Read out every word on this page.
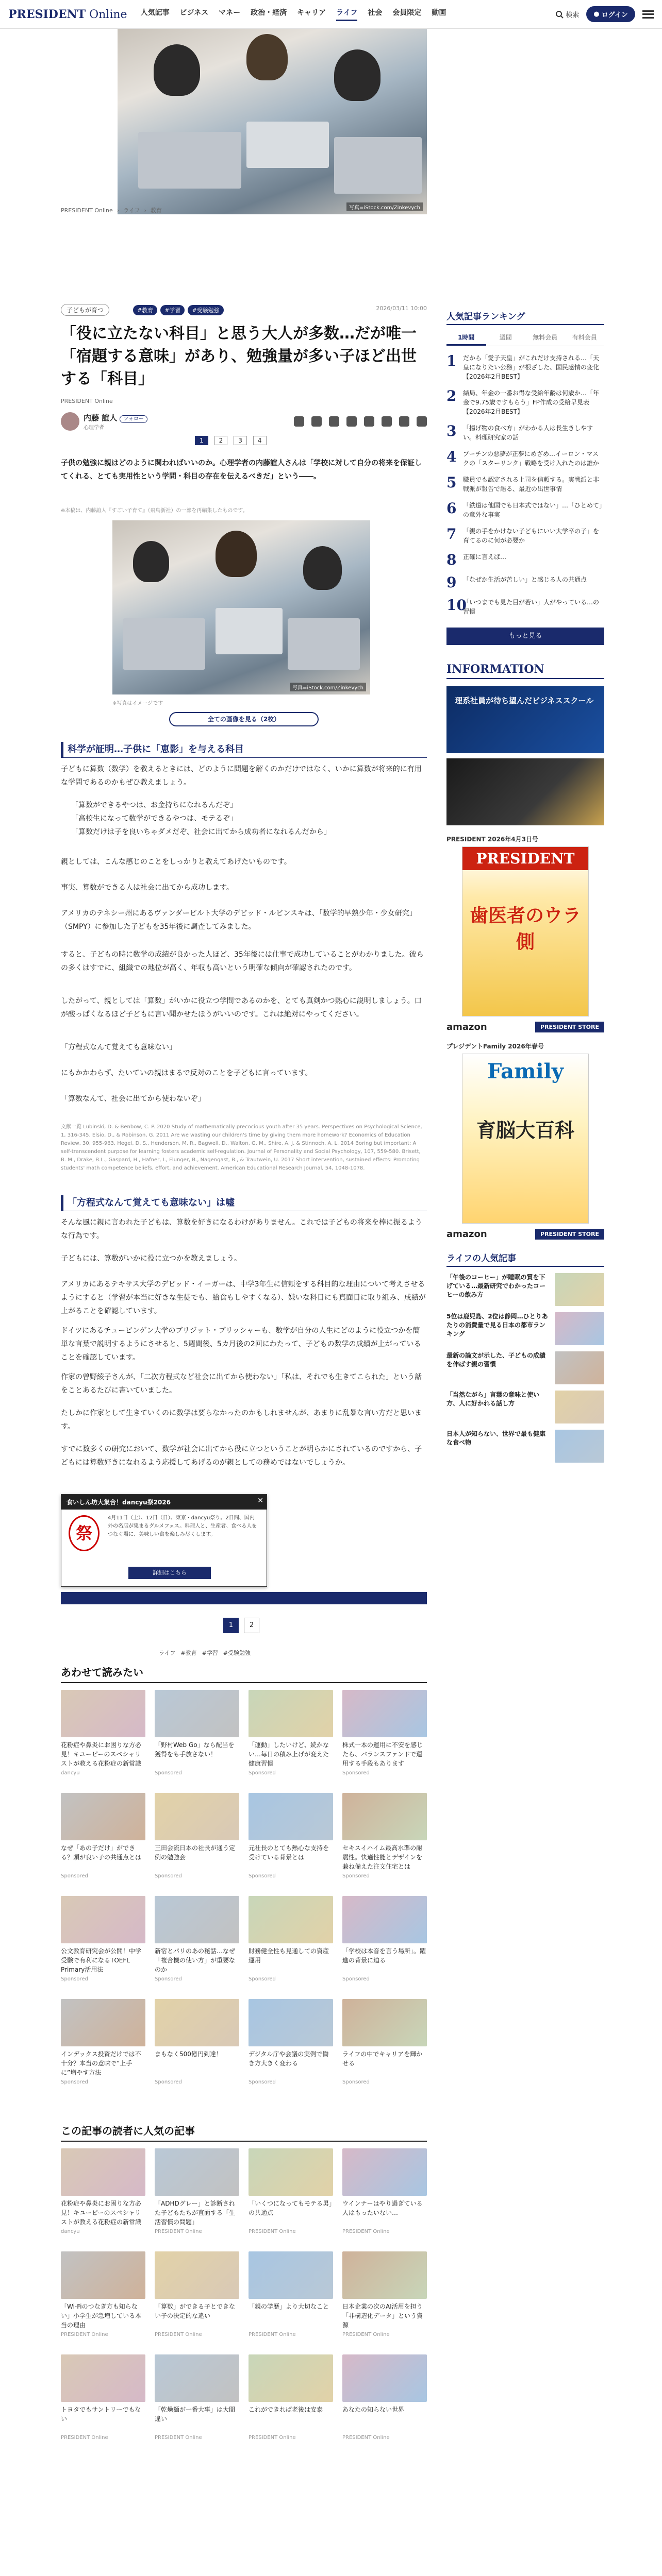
PRESIDENT Online 人気記事 ビジネス マネー 政治・経済 キャリア ライフ 社会 会員限定 動画	検索 ● ログイン
写真=iStock.com/Zinkevych
PRESIDENT Online › ライフ › 教育
子どもが育つ	#教育	#学習	#受験勉強	2026/03/11 10:00
「役に立たない科目」と思う大人が多数…だが唯一「宿題する意味」があり、勉強量が多い子ほど出世する「科目」
PRESIDENT Online
内藤 誼人 フォロー
心理学者
1	2	3	4

子供の勉強に親はどのように関わればいいのか。心理学者の内藤誼人さんは「学校に対して自分の将来を保証してくれる、とても実用性という学問・科目の存在を伝えるべきだ」という――。

※本稿は、内藤誼人『すごい子育て』（飛鳥新社）の一部を再編集したものです。

写真=iStock.com/Zinkevych
※写真はイメージです
全ての画像を見る（2枚）
科学が証明…子供に「恵影」を与える科目

子どもに算数（数学）を教えるときには、どのように問題を解くのかだけではなく、いかに算数が将来的に有用な学問であるのかもぜひ教えましょう。

「算数ができるやつは、お金持ちになれるんだぞ」
「高校生になって数学ができるやつは、モテるぞ」
「算数だけは子を良いちゃダメだぞ、社会に出てから成功者になれるんだから」

親としては、こんな感じのことをしっかりと教えてあげたいものです。

事実、算数ができる人は社会に出てから成功します。

アメリカのテネシー州にあるヴァンダービルト大学のデビッド・ルビンスキは、「数学的早熟少年・少女研究」（SMPY）に参加した子どもを35年後に調査してみました。

すると、子どもの時に数学の成績が良かった人ほど、35年後には仕事で成功していることがわかりました。彼らの多くはすでに、組織での地位が高く、年収も高いという明確な傾向が確認されたのです。

したがって、親としては「算数」がいかに役立つ学問であるのかを、とても真剣かつ熱心に説明しましょう。口が酸っぱくなるほど子どもに言い聞かせたほうがいいのです。これは絶対にやってください。

「方程式なんて覚えても意味ない」

にもかかわらず、たいていの親はまるで反対のことを子どもに言っています。

「算数なんて、社会に出てから使わないぞ」

文献一覧 Lubinski, D. & Benbow, C. P. 2020 Study of mathematically precocious youth after 35 years. Perspectives on Psychological Science, 1, 316-345. Elsio, D., & Robinson, G. 2011 Are we wasting our children's time by giving them more homework? Economics of Education Review, 30, 955-963. Hegel, D. S., Henderson, M. R., Bagwell, D., Walton, G. M., Shire, A. J. & Stinnoch, A. L. 2014 Boring but important: A self-transcendent purpose for learning fosters academic self-regulation. Journal of Personality and Social Psychology, 107, 559-580. Brisett, B. M., Drake, B.L., Gaspard, H., Hafner, I., Flunger, B., Nagengast, B., & Trautwein, U. 2017 Short intervention, sustained effects: Promoting students' math competence beliefs, effort, and achievement. American Educational Research Journal, 54, 1048-1078.

「方程式なんて覚えても意味ない」は嘘

そんな風に親に言われた子どもは、算数を好きになるわけがありません。これでは子どもの将来を棒に振るような行為です。

子どもには、算数がいかに役に立つかを教えましょう。

アメリカにあるテキサス大学のデビッド・イーガーは、中学3年生に信頼をする科目的な理由について考えさせるようにすると（学習が本当に好きな生徒でも、給食もしやすくなる）、嫌いな科目にも真面目に取り組み、成績が上がることを確認しています。

ドイツにあるチュービンゲン大学のブリジット・ブリッシャーも、数学が自分の人生にどのように役立つかを簡単な言葉で説明するようにさせると、5週間後、5カ月後の2回にわたって、子どもの数学の成績が上がっていることを確認しています。

作家の曽野綾子さんが、「二次方程式など社会に出てから使わない」「私は、それでも生きてこられた」という話をことあるたびに書いていました。

たしかに作家として生きていくのに数学は要らなかったのかもしれませんが、あまりに乱暴な言い方だと思います。

すでに数多くの研究において、数学が社会に出てから役に立つということが明らかにされているのですから、子どもには算数好きになれるよう応援してあげるのが親としての務めではないでしょうか。

食いしん坊大集合！dancyu祭2026	✕
祭
4月11日（土）、12日（日）、東京・dancyu祭り。2日間、国内外の名店が集まるグルメフェス。料理人と、生産者、食べる人をつなぐ場に、美味しい食を楽しみ尽くします。
詳細はこちら
1	2
ライフ #教育 #学習 #受験勉強
あわせて読みたい
花粉症や鼻炎にお困りな方必見！キユーピーのスペシャリストが教える花粉症の新常識
dancyu
「野村Web Go」なら配当を獲得をも手放さない！
Sponsored
「運動」したいけど、続かない…毎日の積み上げが変えた健康習慣
Sponsored
株式一本の運用に不安を感じたら、バランスファンドで運用する手段もあります
Sponsored
なぜ「あの子だけ」ができる？頭が良い子の共通点とは
Sponsored
三田会流日本の社長が通う定例の勉強会
Sponsored
元社長のとても熱心な支持を受けている背景とは
Sponsored
セキスイハイム最高水準の耐震性。快適性能とデザインを兼ね備えた注文住宅とは
Sponsored
公文教育研究会が公開！中学受験で有利になるTOEFL Primary活用法
Sponsored
新宿とパリのあの秘話…なぜ「複合機の使い方」が重要なのか
Sponsored
財務健全性も見通しての資産運用
Sponsored
「学校は本音を言う場所」。躍進の背景に迫る
Sponsored
インデックス投資だけでは不十分？本当の意味で“上手に”増やす方法
Sponsored
まもなく500億円到達！
Sponsored
デジタル庁や会議の実例で働き方大きく変わる
Sponsored
ライフの中でキャリアを輝かせる
Sponsored
この記事の読者に人気の記事
花粉症や鼻炎にお困りな方必見！キユーピーのスペシャリストが教える花粉症の新常識
dancyu
「ADHDグレー」と診断された子どもたちが直面する「生活習慣の問題」
PRESIDENT Online
「いくつになってもモテる男」の共通点
PRESIDENT Online
ウインナーはやり過ぎている人はもったいない…
PRESIDENT Online
「Wi-Fiのつなぎ方も知らない」小学生が急増している本当の理由
PRESIDENT Online
「算数」ができる子とできない子の決定的な違い
PRESIDENT Online
「親の学歴」より大切なこと
PRESIDENT Online
日本企業の次のAI活用を担う「非構造化データ」という資源
PRESIDENT Online
トヨタでもサントリーでもない
PRESIDENT Online
「乾燥麺が一番大事」は大間違い
PRESIDENT Online
これができれば老後は安泰
PRESIDENT Online
あなたの知らない世界
PRESIDENT Online
人気記事ランキング
1時間	週間	無料会員	有料会員
1 だから「愛子天皇」がこれだけ支持される…「天皇になりたい公務」が根ざした、国民感情の変化【2026年2月BEST】
2 結局、年金の一番お得な受給年齢は何歳か…「年金で9.75歳ですもらう」FP作成の受給早見表【2026年2月BEST】
3 「揚げ物の食べ方」がわかる人は長生きしやすい。料理研究家の話
4 ブーチンの悪夢が正夢にめざめ…イーロン・マスクの「スターリンク」戦略を受け入れたのは誰か
5 職員でも認定される上司を信頼する。実戦派と非戦派が報告で語る、最近の出世事情
6 「鉄道は他国でも日本式ではない」…「ひとめて」の意外な事実
7 「親の手をかけない子どもにいい大学卒の子」を育てるのに何が必要か
8 正確に言えば…
9 「なぜか生活が苦しい」と感じる人の共通点
10
「いつまでも見た目が若い」人がやっている…の習慣
もっと見る
INFORMATION
理系社員が待ち望んだビジネススクール
PRESIDENT 2026年4月3日号
PRESIDENT
歯医者のウラ側
amazon	PRESIDENT STORE
プレジデントFamily 2026年春号
Family
育脳大百科
amazon	PRESIDENT STORE
ライフの人気記事
「午後のコーヒー」が睡眠の質を下げている…最新研究でわかったコーヒーの飲み方
5位は鹿児島、2位は静岡…ひとりあたりの消費量で見る日本の都市ランキング
最新の論文が示した、子どもの成績を伸ばす親の習慣
「当然ながら」言葉の意味と使い方、人に好かれる話し方
日本人が知らない、世界で最も健康な食べ物
